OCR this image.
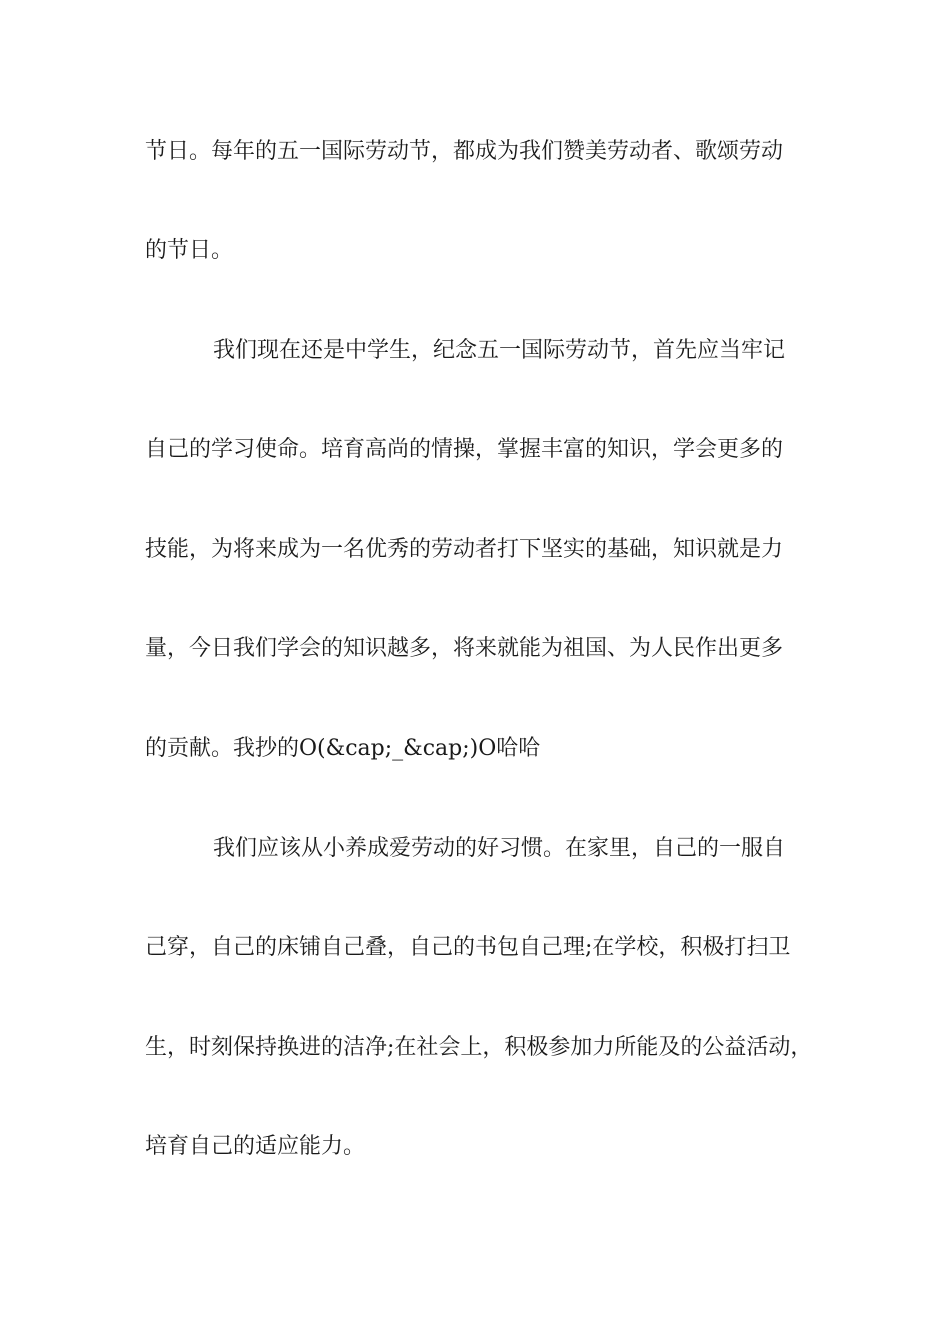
节日。每年的五一国际劳动节，都成为我们赞美劳动者、歌颂劳动
的节日。
我们现在还是中学生，纪念五一国际劳动节，首先应当牢记
自己的学习使命。培育高尚的情操，掌握丰富的知识，学会更多的
技能，为将来成为一名优秀的劳动者打下坚实的基础，知识就是力
量，今日我们学会的知识越多，将来就能为祖国、为人民作出更多
的贡献。我抄的O(&cap;_&cap;)O哈哈
我们应该从小养成爱劳动的好习惯。在家里，自己的一服自
己穿，自己的床铺自己叠，自己的书包自己理;在学校，积极打扫卫
生，时刻保持换进的洁净;在社会上，积极参加力所能及的公益活动，
培育自己的适应能力。
